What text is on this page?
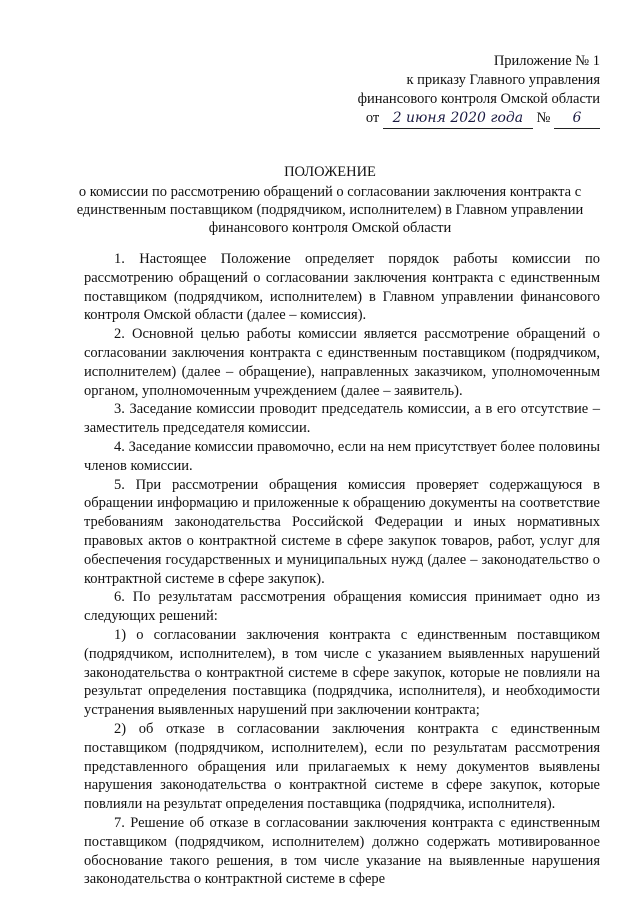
Приложение № 1
к приказу Главного управления
финансового контроля Омской области
от 2 июня 2020 года № 6
ПОЛОЖЕНИЕ
о комиссии по рассмотрению обращений о согласовании заключения контракта с единственным поставщиком (подрядчиком, исполнителем) в Главном управлении финансового контроля Омской области

1. Настоящее Положение определяет порядок работы комиссии по рассмотрению обращений о согласовании заключения контракта с единственным поставщиком (подрядчиком, исполнителем) в Главном управлении финансового контроля Омской области (далее – комиссия).

2. Основной целью работы комиссии является рассмотрение обращений о согласовании заключения контракта с единственным поставщиком (подрядчиком, исполнителем) (далее – обращение), направленных заказчиком, уполномоченным органом, уполномоченным учреждением (далее – заявитель).

3. Заседание комиссии проводит председатель комиссии, а в его отсутствие – заместитель председателя комиссии.

4. Заседание комиссии правомочно, если на нем присутствует более половины членов комиссии.

5. При рассмотрении обращения комиссия проверяет содержащуюся в обращении информацию и приложенные к обращению документы на соответствие требованиям законодательства Российской Федерации и иных нормативных правовых актов о контрактной системе в сфере закупок товаров, работ, услуг для обеспечения государственных и муниципальных нужд (далее – законодательство о контрактной системе в сфере закупок).

6. По результатам рассмотрения обращения комиссия принимает одно из следующих решений:

1) о согласовании заключения контракта с единственным поставщиком (подрядчиком, исполнителем), в том числе с указанием выявленных нарушений законодательства о контрактной системе в сфере закупок, которые не повлияли на результат определения поставщика (подрядчика, исполнителя), и необходимости устранения выявленных нарушений при заключении контракта;

2) об отказе в согласовании заключения контракта с единственным поставщиком (подрядчиком, исполнителем), если по результатам рассмотрения представленного обращения или прилагаемых к нему документов выявлены нарушения законодательства о контрактной системе в сфере закупок, которые повлияли на результат определения поставщика (подрядчика, исполнителя).

7. Решение об отказе в согласовании заключения контракта с единственным поставщиком (подрядчиком, исполнителем) должно содержать мотивированное обоснование такого решения, в том числе указание на выявленные нарушения законодательства о контрактной системе в сфере
